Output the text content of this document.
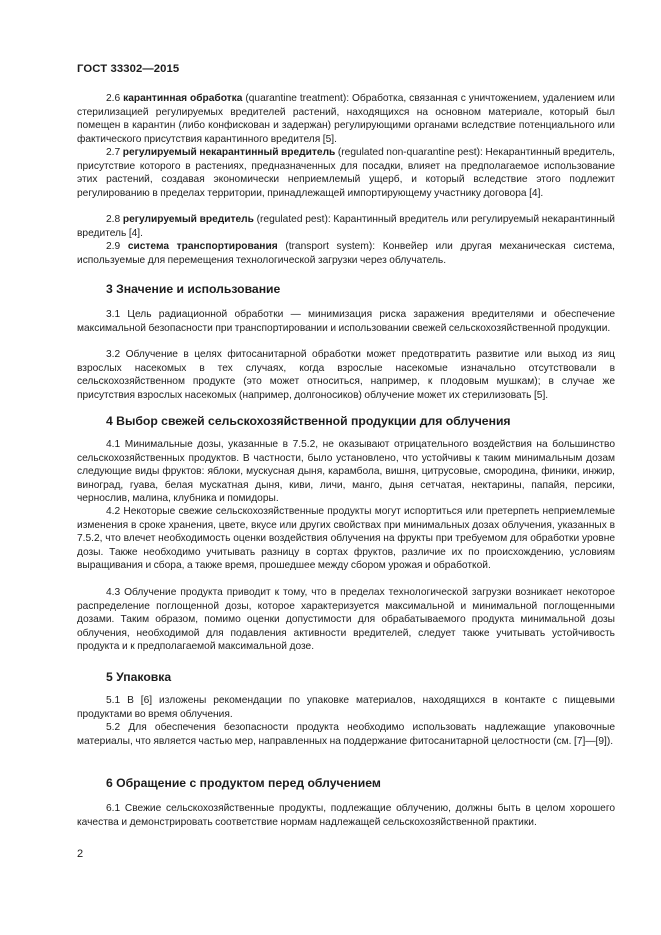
ГОСТ 33302—2015
2.6 карантинная обработка (quarantine treatment): Обработка, связанная с уничтожением, удалением или стерилизацией регулируемых вредителей растений, находящихся на основном материале, который был помещен в карантин (либо конфискован и задержан) регулирующими органами вследствие потенциального или фактического присутствия карантинного вредителя [5].
2.7 регулируемый некарантинный вредитель (regulated non-quarantine pest): Некарантинный вредитель, присутствие которого в растениях, предназначенных для посадки, влияет на предполагаемое использование этих растений, создавая экономически неприемлемый ущерб, и который вследствие этого подлежит регулированию в пределах территории, принадлежащей импортирующему участнику договора [4].
2.8 регулируемый вредитель (regulated pest): Карантинный вредитель или регулируемый некарантинный вредитель [4].
2.9 система транспортирования (transport system): Конвейер или другая механическая система, используемые для перемещения технологической загрузки через облучатель.
3 Значение и использование
3.1 Цель радиационной обработки — минимизация риска заражения вредителями и обеспечение максимальной безопасности при транспортировании и использовании свежей сельскохозяйственной продукции.
3.2 Облучение в целях фитосанитарной обработки может предотвратить развитие или выход из яиц взрослых насекомых в тех случаях, когда взрослые насекомые изначально отсутствовали в сельскохозяйственном продукте (это может относиться, например, к плодовым мушкам); в случае же присутствия взрослых насекомых (например, долгоносиков) облучение может их стерилизовать [5].
4 Выбор свежей сельскохозяйственной продукции для облучения
4.1 Минимальные дозы, указанные в 7.5.2, не оказывают отрицательного воздействия на большинство сельскохозяйственных продуктов. В частности, было установлено, что устойчивы к таким минимальным дозам следующие виды фруктов: яблоки, мускусная дыня, карамбола, вишня, цитрусовые, смородина, финики, инжир, виноград, гуава, белая мускатная дыня, киви, личи, манго, дыня сетчатая, нектарины, папайя, персики, чернослив, малина, клубника и помидоры.
4.2 Некоторые свежие сельскохозяйственные продукты могут испортиться или претерпеть неприемлемые изменения в сроке хранения, цвете, вкусе или других свойствах при минимальных дозах облучения, указанных в 7.5.2, что влечет необходимость оценки воздействия облучения на фрукты при требуемом для обработки уровне дозы. Также необходимо учитывать разницу в сортах фруктов, различие их по происхождению, условиям выращивания и сбора, а также время, прошедшее между сбором урожая и обработкой.
4.3 Облучение продукта приводит к тому, что в пределах технологической загрузки возникает некоторое распределение поглощенной дозы, которое характеризуется максимальной и минимальной поглощенными дозами. Таким образом, помимо оценки допустимости для обрабатываемого продукта минимальной дозы облучения, необходимой для подавления активности вредителей, следует также учитывать устойчивость продукта и к предполагаемой максимальной дозе.
5 Упаковка
5.1 В [6] изложены рекомендации по упаковке материалов, находящихся в контакте с пищевыми продуктами во время облучения.
5.2 Для обеспечения безопасности продукта необходимо использовать надлежащие упаковочные материалы, что является частью мер, направленных на поддержание фитосанитарной целостности (см. [7]—[9]).
6 Обращение с продуктом перед облучением
6.1 Свежие сельскохозяйственные продукты, подлежащие облучению, должны быть в целом хорошего качества и демонстрировать соответствие нормам надлежащей сельскохозяйственной практики.
2
